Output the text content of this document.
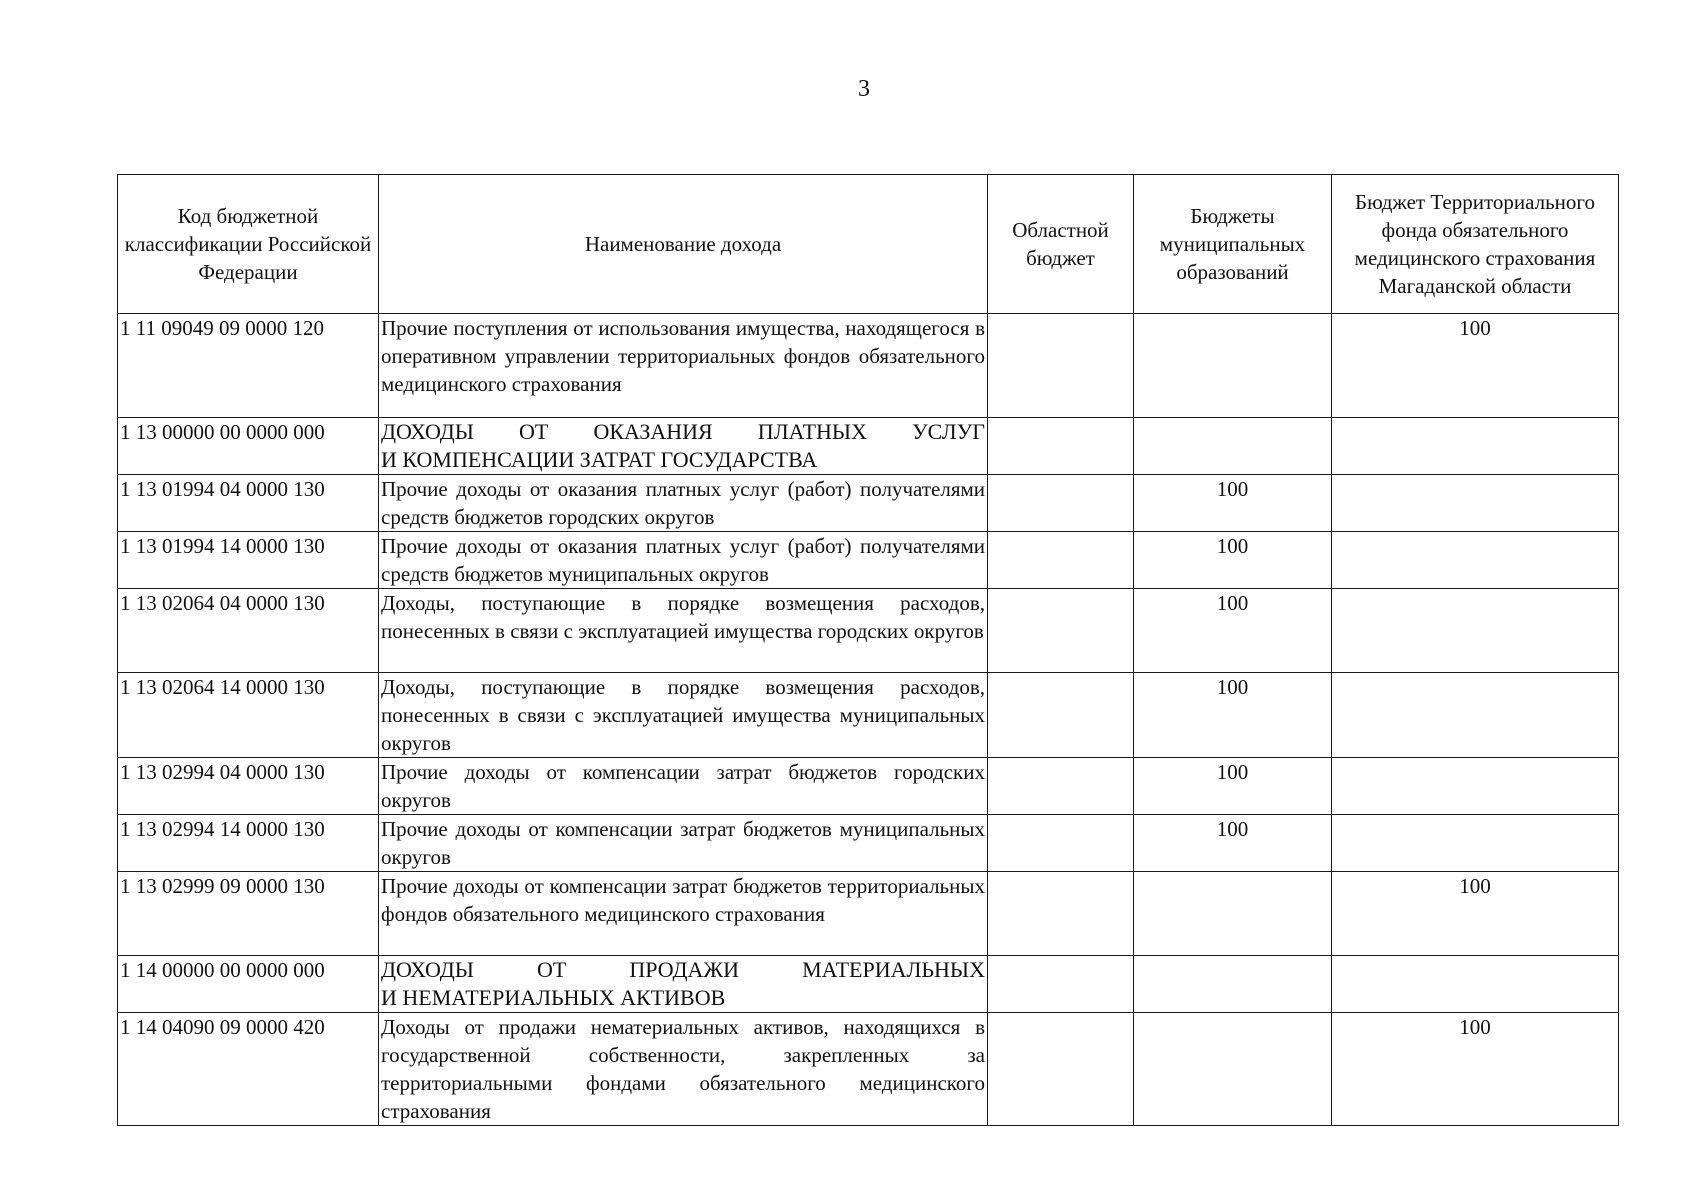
3
Код бюджетной классификации Российской Федерации	Наименование дохода	Областной бюджет	Бюджеты муниципальных образований	Бюджет Территориального фонда обязательного медицинского страхования Магаданской области
1 11 09049 09 0000 120	Прочие поступления от использования имущества, находящегося в оперативном управлении территориальных фондов обязательного медицинского страхования			100
1 13 00000 00 0000 000	ДОХОДЫ ОТ ОКАЗАНИЯ ПЛАТНЫХ УСЛУГ
И КОМПЕНСАЦИИ ЗАТРАТ ГОСУДАРСТВА			

1 13 01994 04 0000 130	Прочие доходы от оказания платных услуг (работ) получателями средств бюджетов городских округов		100	
1 13 01994 14 0000 130	Прочие доходы от оказания платных услуг (работ) получателями средств бюджетов муниципальных округов		100	
1 13 02064 04 0000 130	Доходы, поступающие в порядке возмещения расходов, понесенных в связи с эксплуатацией имущества городских округов		100	
1 13 02064 14 0000 130	Доходы, поступающие в порядке возмещения расходов, понесенных в связи с эксплуатацией имущества муниципальных округов		100	
1 13 02994 04 0000 130	Прочие доходы от компенсации затрат бюджетов городских округов		100	
1 13 02994 14 0000 130	Прочие доходы от компенсации затрат бюджетов муниципальных округов		100	
1 13 02999 09 0000 130	Прочие доходы от компенсации затрат бюджетов территориальных фондов обязательного медицинского страхования			100
1 14 00000 00 0000 000	ДОХОДЫ ОТ ПРОДАЖИ МАТЕРИАЛЬНЫХ
И НЕМАТЕРИАЛЬНЫХ АКТИВОВ			

1 14 04090 09 0000 420	Доходы от продажи нематериальных активов, находящихся в государственной собственности, закрепленных за территориальными фондами обязательного медицинского страхования			100
